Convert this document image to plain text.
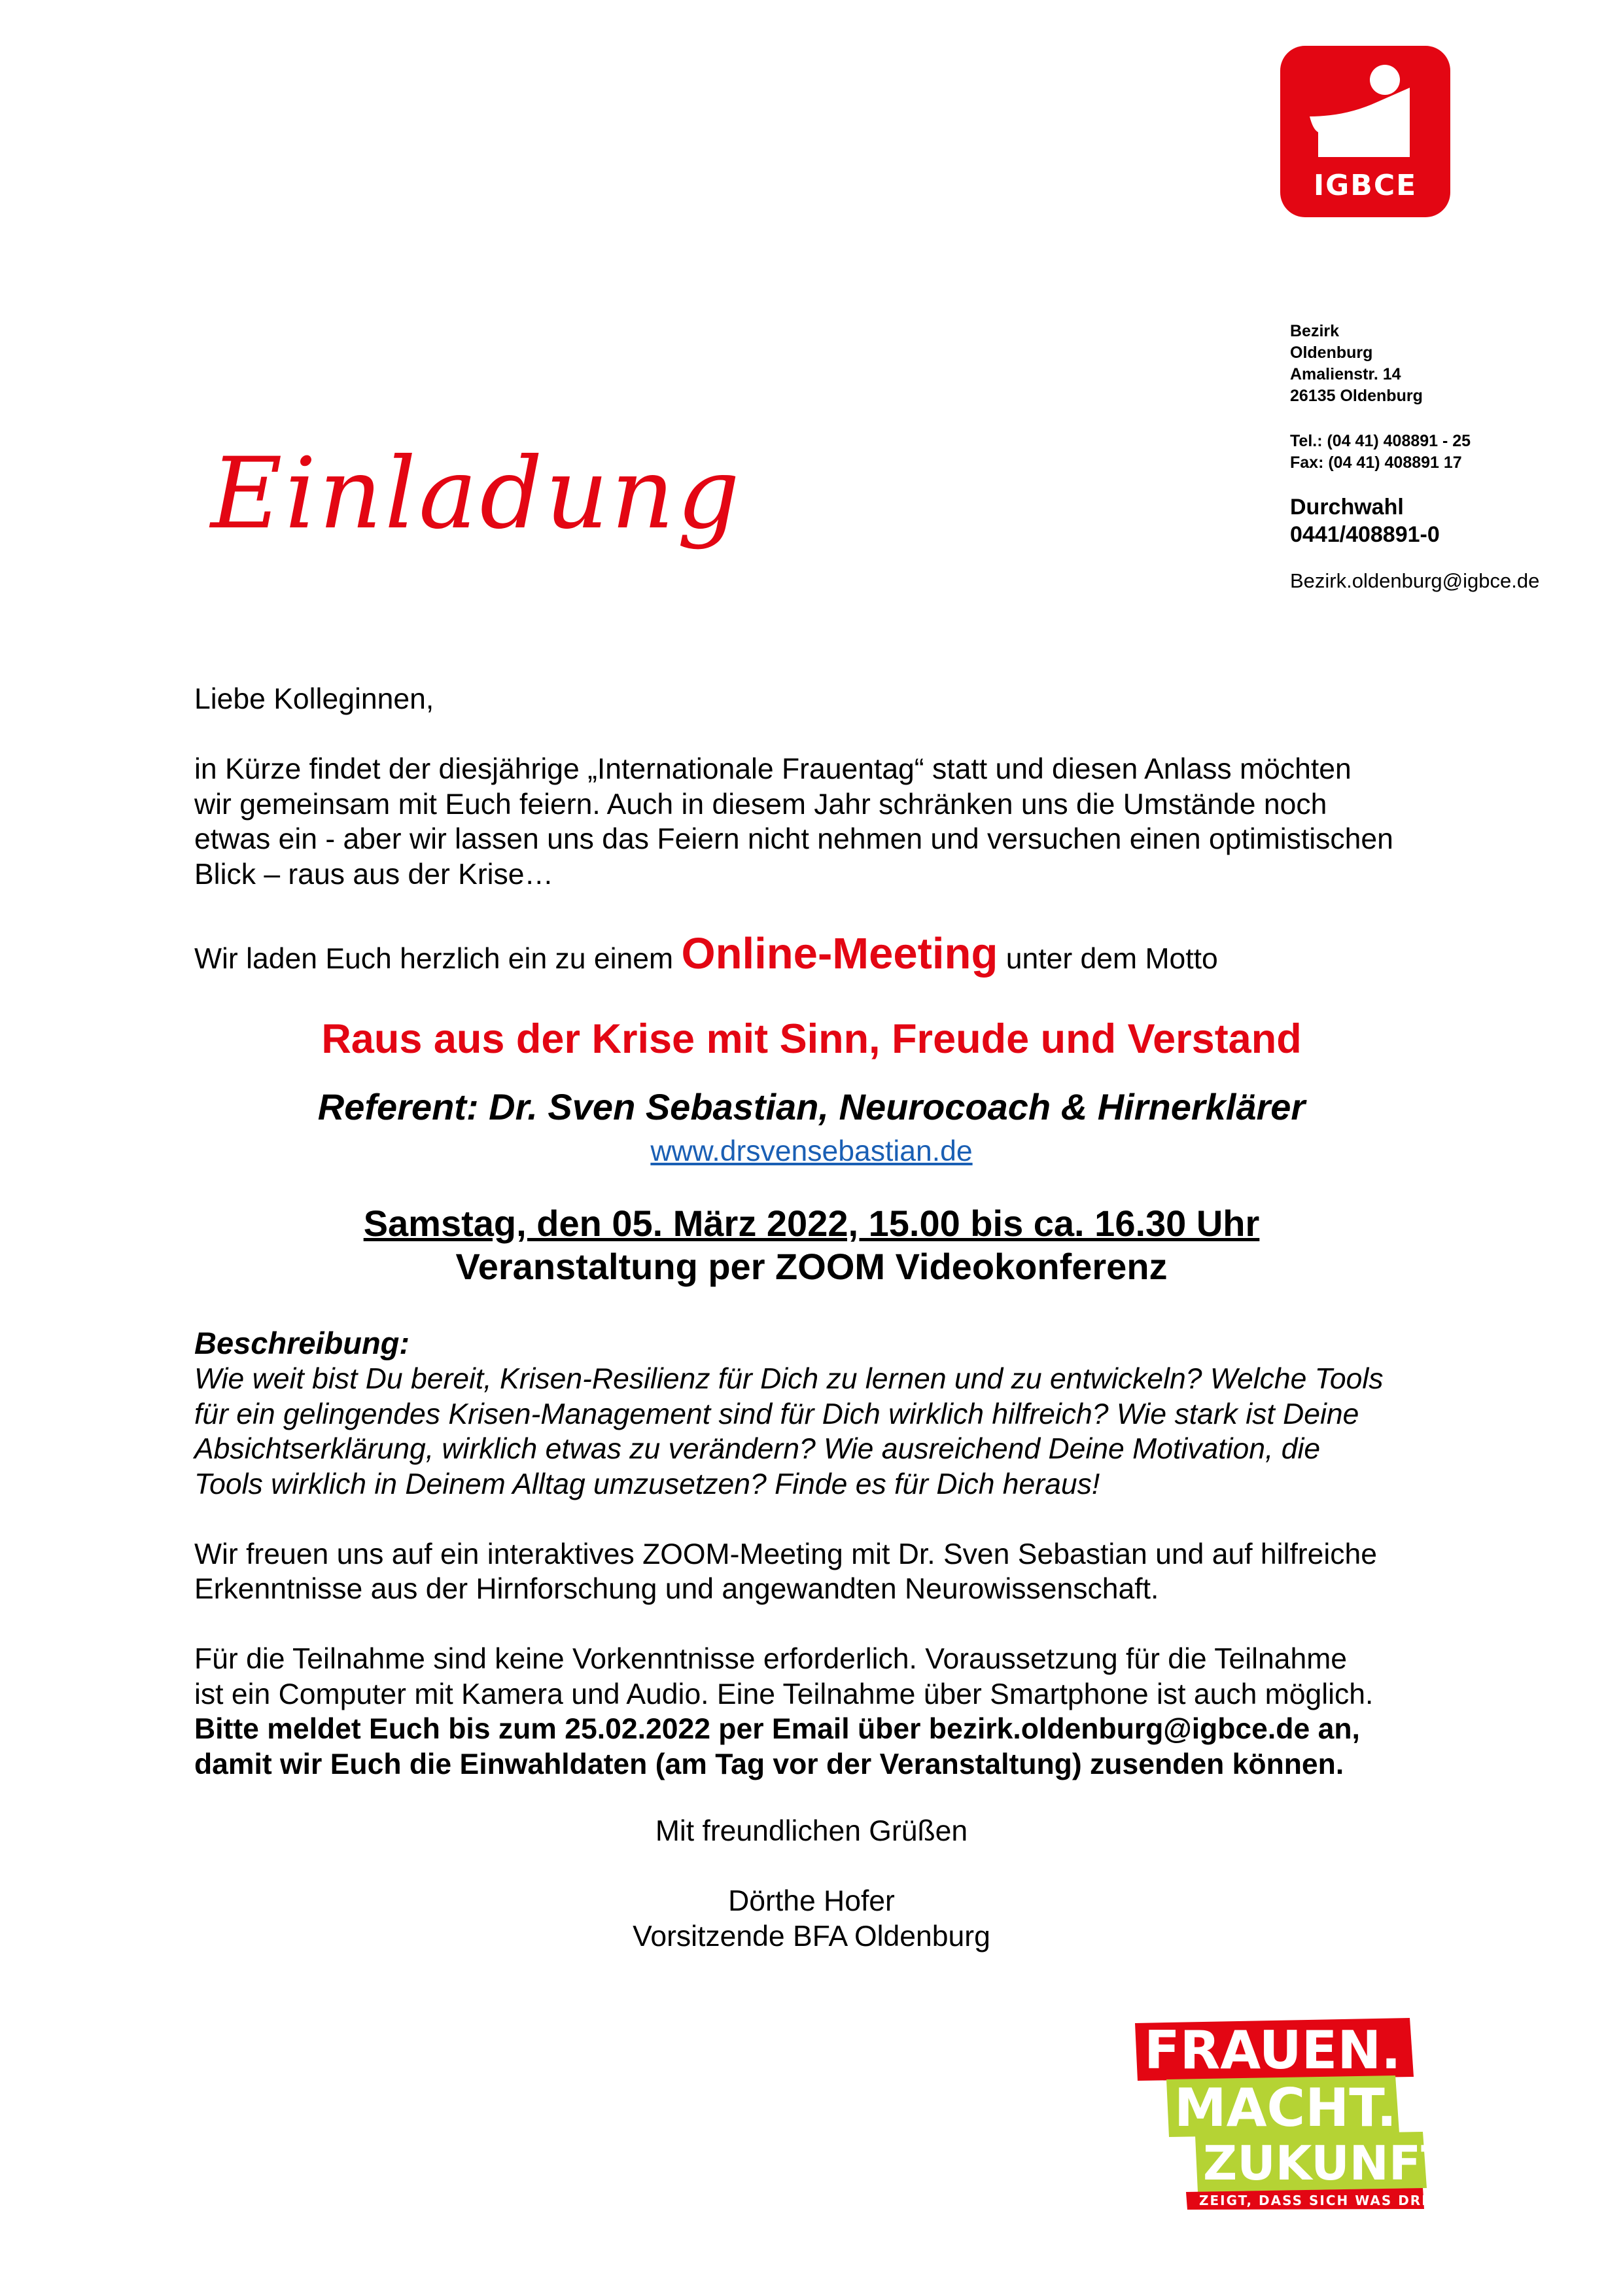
IGBCE
Bezirk
Oldenburg
Amalienstr. 14
26135 Oldenburg
Tel.: (04 41) 408891 - 25
Fax: (04 41) 408891 17
Durchwahl
0441/408891-0
Bezirk.oldenburg@igbce.de
Einladung
Liebe Kolleginnen,

in Kürze findet der diesjährige „Internationale Frauentag“ statt und diesen Anlass möchten

wir gemeinsam mit Euch feiern. Auch in diesem Jahr schränken uns die Umstände noch

etwas ein - aber wir lassen uns das Feiern nicht nehmen und versuchen einen optimistischen

Blick – raus aus der Krise…

Wir laden Euch herzlich ein zu einem Online-Meeting unter dem Motto
Raus aus der Krise mit Sinn, Freude und Verstand
Referent: Dr. Sven Sebastian, Neurocoach & Hirnerklärer
www.drsvensebastian.de
Samstag, den 05. März 2022, 15.00 bis ca. 16.30 Uhr
Veranstaltung per ZOOM Videokonferenz

Beschreibung:

Wie weit bist Du bereit, Krisen-Resilienz für Dich zu lernen und zu entwickeln? Welche Tools

für ein gelingendes Krisen-Management sind für Dich wirklich hilfreich? Wie stark ist Deine

Absichtserklärung, wirklich etwas zu verändern? Wie ausreichend Deine Motivation, die

Tools wirklich in Deinem Alltag umzusetzen? Finde es für Dich heraus!

Wir freuen uns auf ein interaktives ZOOM-Meeting mit Dr. Sven Sebastian und auf hilfreiche

Erkenntnisse aus der Hirnforschung und angewandten Neurowissenschaft.

Für die Teilnahme sind keine Vorkenntnisse erforderlich. Voraussetzung für die Teilnahme

ist ein Computer mit Kamera und Audio. Eine Teilnahme über Smartphone ist auch möglich.

Bitte meldet Euch bis zum 25.02.2022 per Email über bezirk.oldenburg@igbce.de an,

damit wir Euch die Einwahldaten (am Tag vor der Veranstaltung) zusenden können.

Mit freundlichen Grüßen

Dörthe Hofer

Vorsitzende BFA Oldenburg

FRAUEN.
MACHT.
ZUKUNFT.
ZEIGT, DASS SICH WAS DREHT!
